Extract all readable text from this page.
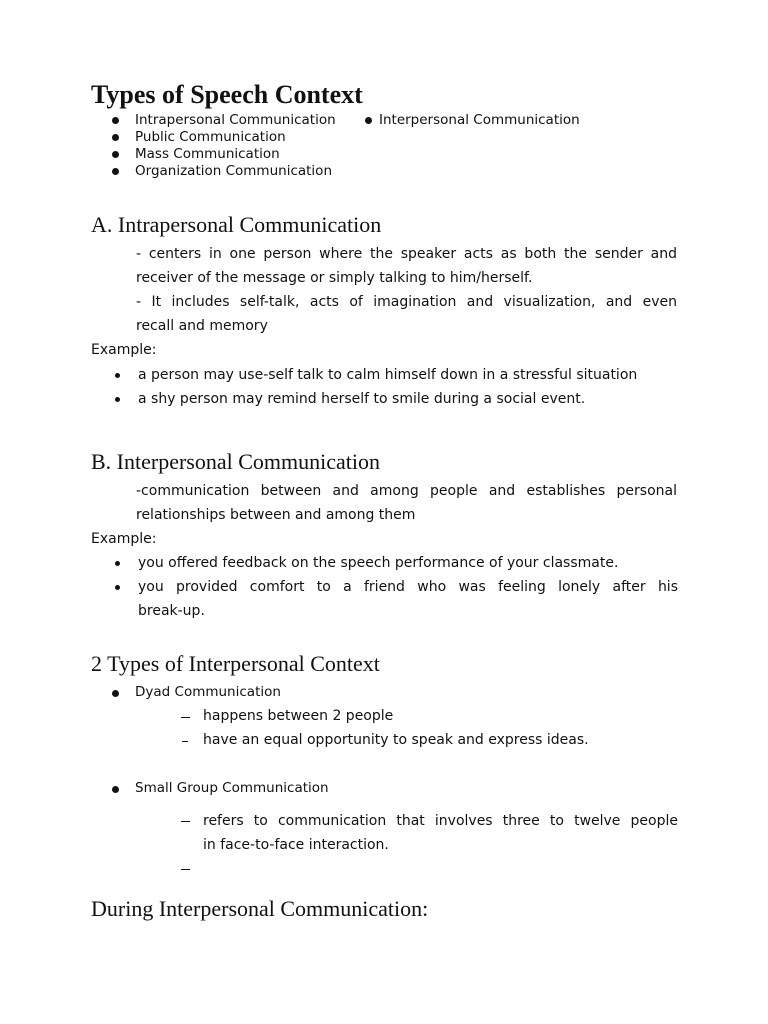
Types of Speech Context
Intrapersonal Communication	Interpersonal Communication
Public Communication
Mass Communication
Organization Communication
A. Intrapersonal Communication
- centers in one person where the speaker acts as both the sender and
receiver of the message or simply talking to him/herself.
- It includes self-talk, acts of imagination and visualization, and even
recall and memory
Example:
a person may use-self talk to calm himself down in a stressful situation
a shy person may remind herself to smile during a social event.
B. Interpersonal Communication
-communication between and among people and establishes personal
relationships between and among them
Example:
you offered feedback on the speech performance of your classmate.
you provided comfort to a friend who was feeling lonely after his
break-up.
2 Types of Interpersonal Context
Dyad Communication
happens between 2 people
have an equal opportunity to speak and express ideas.
Small Group Communication
refers to communication that involves three to twelve people
in face-to-face interaction.
During Interpersonal Communication:
